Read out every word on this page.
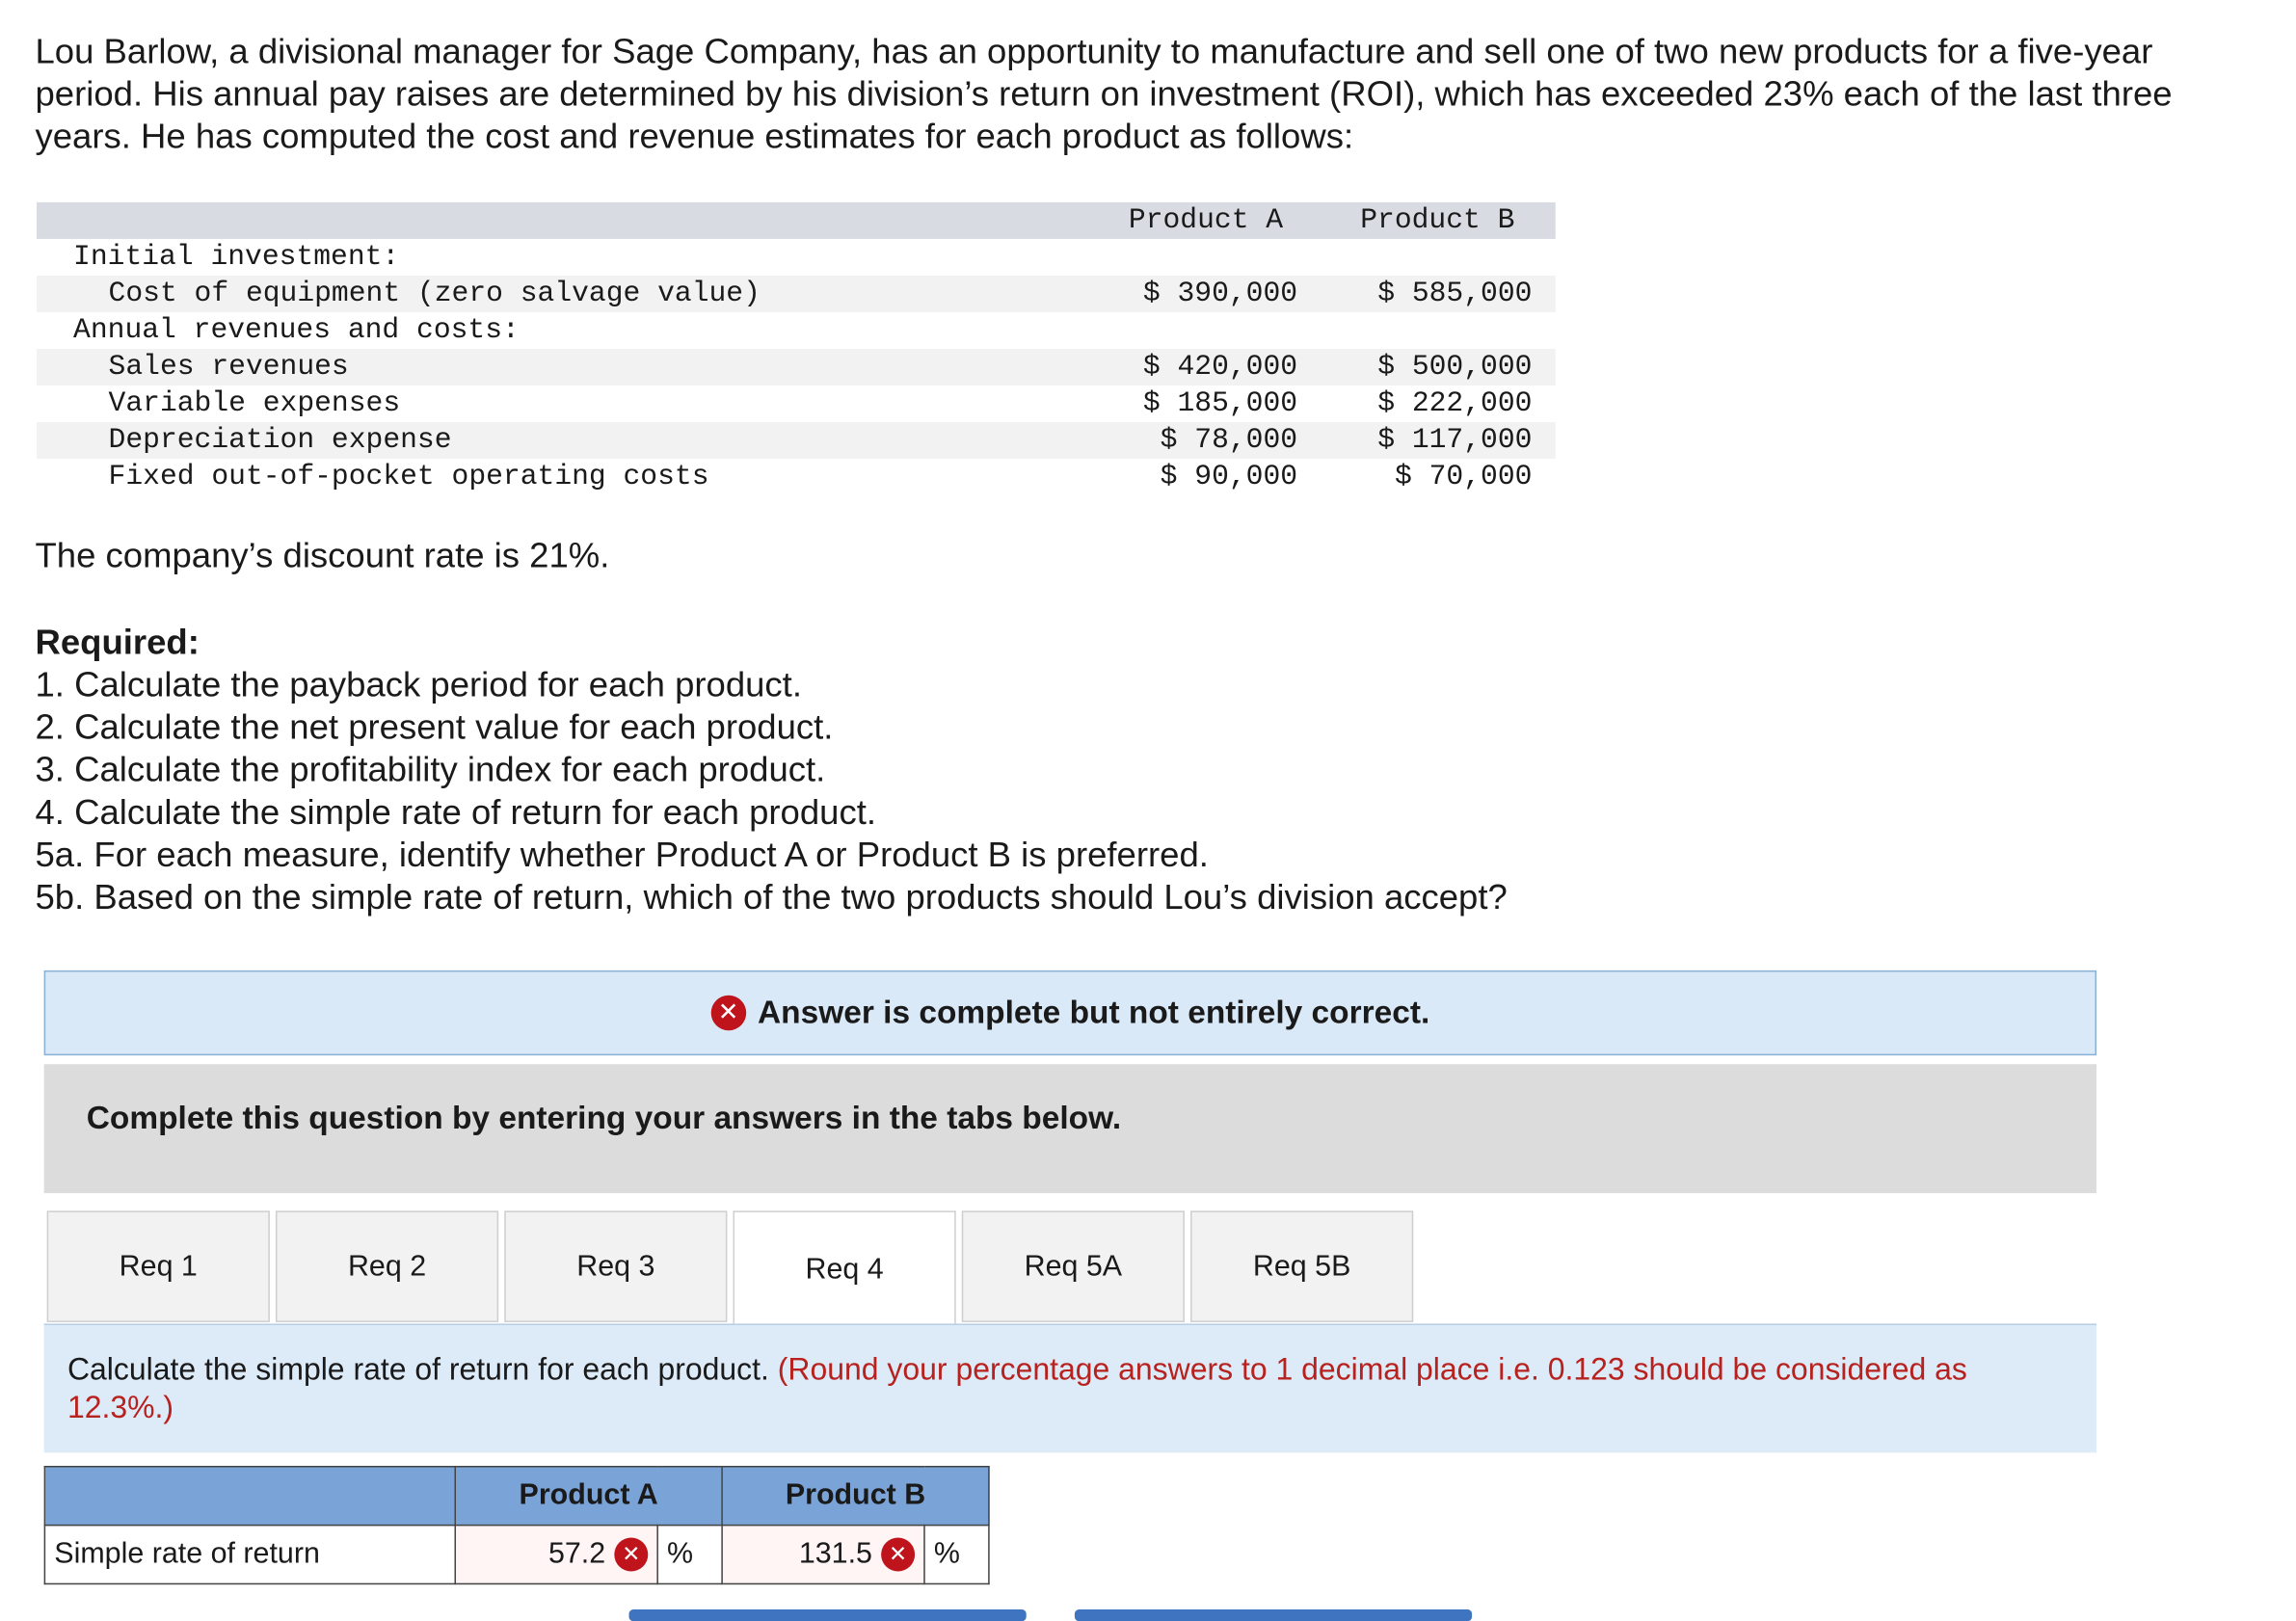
Lou Barlow, a divisional manager for Sage Company, has an opportunity to manufacture and sell one of two new products for a five-year period. His annual pay raises are determined by his division’s return on investment (ROI), which has exceeded 23% each of the last three years. He has computed the cost and revenue estimates for each product as follows:

Product A	Product B
Initial investment:
Cost of equipment (zero salvage value)	$ 390,000	$ 585,000
Annual revenues and costs:
Sales revenues	$ 420,000	$ 500,000
Variable expenses	$ 185,000	$ 222,000
Depreciation expense	$ 78,000	$ 117,000
Fixed out-of-pocket operating costs	$ 90,000	$ 70,000

The company’s discount rate is 21%.

Required:
1. Calculate the payback period for each product.
2. Calculate the net present value for each product.
3. Calculate the profitability index for each product.
4. Calculate the simple rate of return for each product.
5a. For each measure, identify whether Product A or Product B is preferred.
5b. Based on the simple rate of return, which of the two products should Lou’s division accept?
✕ Answer is complete but not entirely correct.
Complete this question by entering your answers in the tabs below.
Req 1	Req 2	Req 3	Req 4	Req 5A	Req 5B

Calculate the simple rate of return for each product. (Round your percentage answers to 1 decimal place i.e. 0.123 should be considered as 12.3%.)

	Product A		Product B	
Simple rate of return	57.2 ✕	%	131.5 ✕	%
